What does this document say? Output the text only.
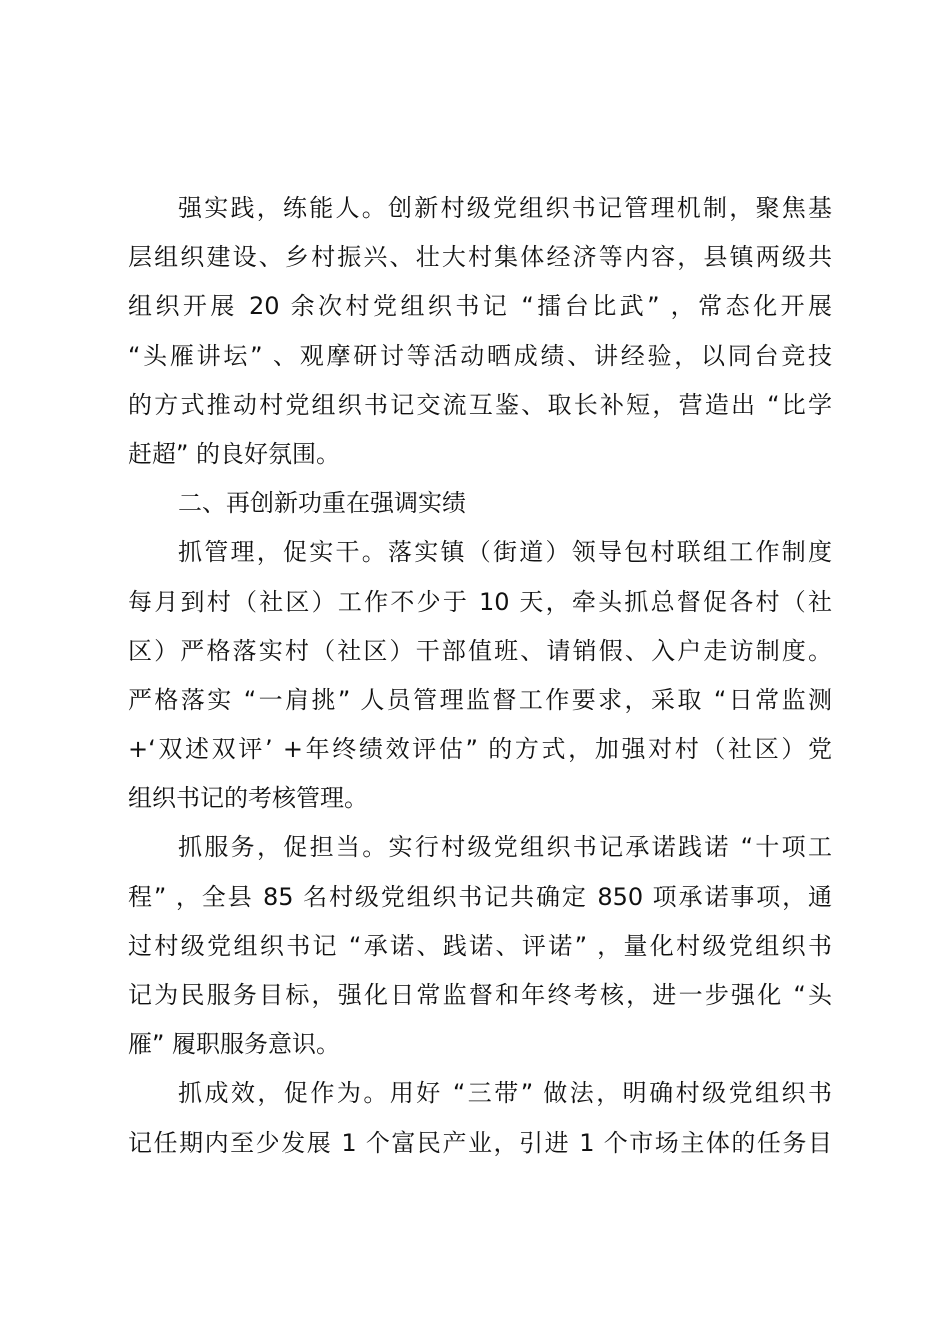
强实践，练能人。创新村级党组织书记管理机制，聚焦基
层组织建设、乡村振兴、壮大村集体经济等内容，县镇两级共
组织开展 20 余次村党组织书记 “擂台比武” ，常态化开展
“头雁讲坛” 、观摩研讨等活动晒成绩、讲经验，以同台竞技
的方式推动村党组织书记交流互鉴、取长补短，营造出 “比学
赶超” 的良好氛围。
二、再创新功重在强调实绩
抓管理，促实干。落实镇（街道）领导包村联组工作制度
每月到村（社区）工作不少于 10 天，牵头抓总督促各村（社
区）严格落实村（社区）干部值班、请销假、入户走访制度。
严格落实 “一肩挑” 人员管理监督工作要求，采取 “日常监测
+‘双述双评’ +年终绩效评估” 的方式，加强对村（社区）党
组织书记的考核管理。
抓服务，促担当。实行村级党组织书记承诺践诺 “十项工
程” ，全县 85 名村级党组织书记共确定 850 项承诺事项，通
过村级党组织书记 “承诺、践诺、评诺” ，量化村级党组织书
记为民服务目标，强化日常监督和年终考核，进一步强化 “头
雁” 履职服务意识。
抓成效，促作为。用好 “三带” 做法，明确村级党组织书
记任期内至少发展 1 个富民产业，引进 1 个市场主体的任务目
